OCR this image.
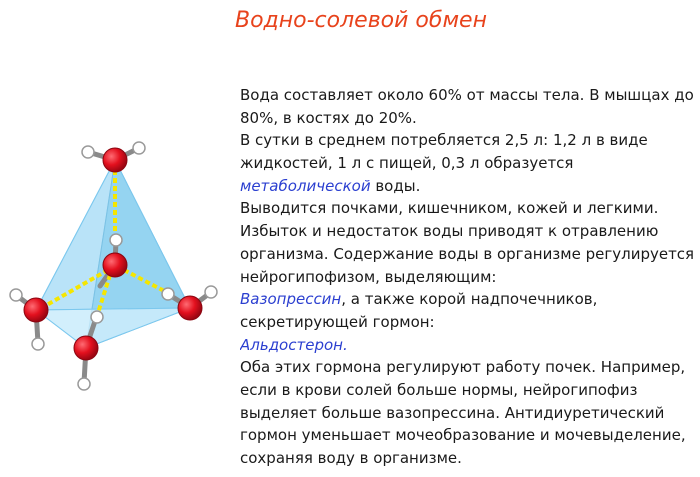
Водно-солевой обмен
Вода составляет около 60% от массы тела. В мышцах до
80%, в костях до 20%.
В сутки в среднем потребляется 2,5 л: 1,2 л в виде
жидкостей, 1 л с пищей, 0,3 л образуется
метаболической воды.
Выводится почками, кишечником, кожей и легкими.
Избыток и недостаток воды приводят к отравлению
организма. Содержание воды в организме регулируется
нейрогипофизом, выделяющим:
Вазопрессин, а также корой надпочечников,
секретирующей гормон:
Альдостерон.
Оба этих гормона регулируют работу почек. Например,
если в крови солей больше нормы, нейрогипофиз
выделяет больше вазопрессина. Антидиуретический
гормон уменьшает мочеобразование и мочевыделение,
сохраняя воду в организме.
